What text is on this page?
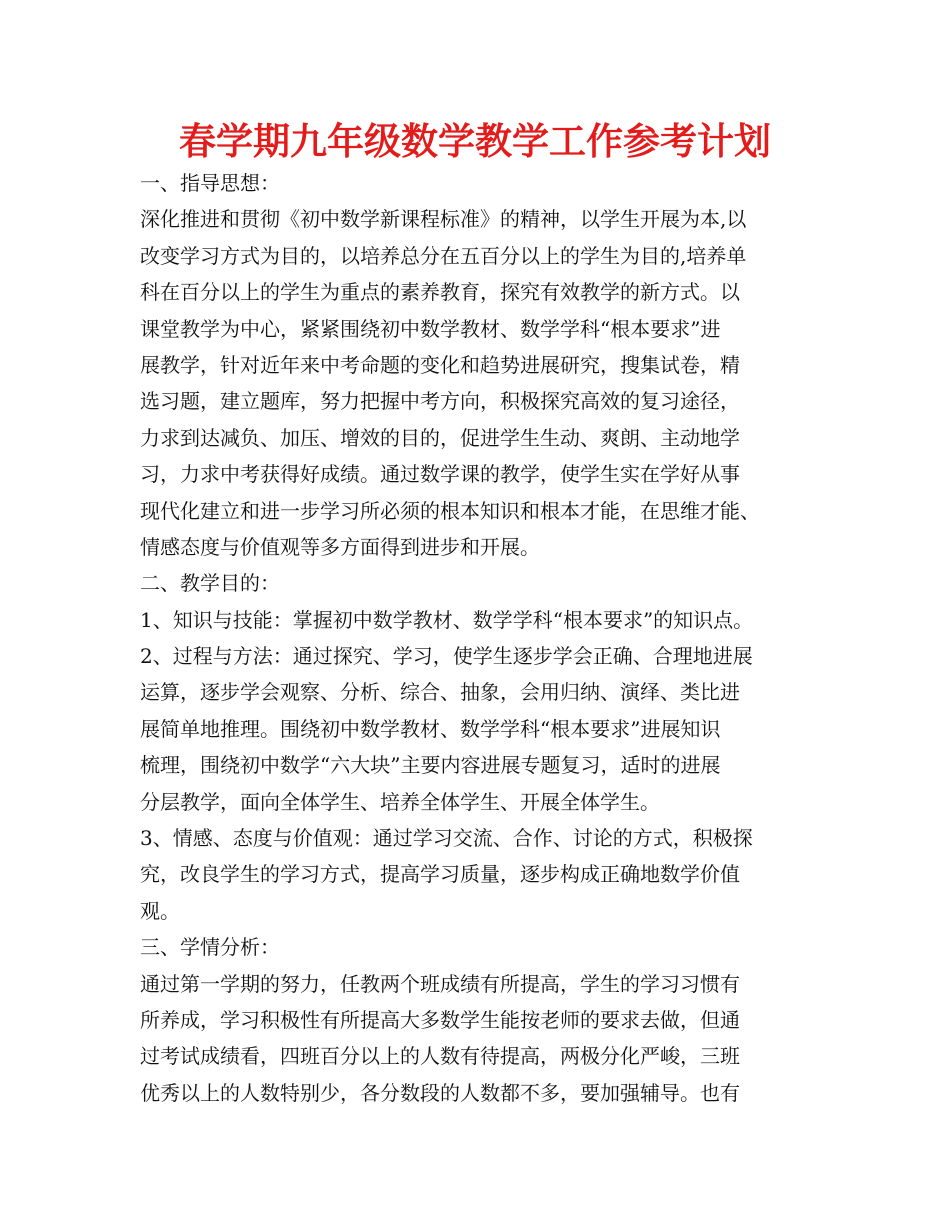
春学期九年级数学教学工作参考计划
一、指导思想：
深化推进和贯彻《初中数学新课程标准》的精神，以学生开展为本,以
改变学习方式为目的，以培养总分在五百分以上的学生为目的,培养单
科在百分以上的学生为重点的素养教育，探究有效教学的新方式。以
课堂教学为中心，紧紧围绕初中数学教材、数学学科“根本要求”进
展教学，针对近年来中考命题的变化和趋势进展研究，搜集试卷，精
选习题，建立题库，努力把握中考方向，积极探究高效的复习途径，
力求到达减负、加压、增效的目的，促进学生生动、爽朗、主动地学
习，力求中考获得好成绩。通过数学课的教学，使学生实在学好从事
现代化建立和进一步学习所必须的根本知识和根本才能，在思维才能、
情感态度与价值观等多方面得到进步和开展。
二、教学目的：
1、知识与技能：掌握初中数学教材、数学学科“根本要求”的知识点。
2、过程与方法：通过探究、学习，使学生逐步学会正确、合理地进展
运算，逐步学会观察、分析、综合、抽象，会用归纳、演绎、类比进
展简单地推理。围绕初中数学教材、数学学科“根本要求”进展知识
梳理，围绕初中数学“六大块”主要内容进展专题复习，适时的进展
分层教学，面向全体学生、培养全体学生、开展全体学生。
3、情感、态度与价值观：通过学习交流、合作、讨论的方式，积极探
究，改良学生的学习方式，提高学习质量，逐步构成正确地数学价值
观。
三、学情分析：
通过第一学期的努力，任教两个班成绩有所提高，学生的学习习惯有
所养成，学习积极性有所提高大多数学生能按老师的要求去做，但通
过考试成绩看，四班百分以上的人数有待提高，两极分化严峻，三班
优秀以上的人数特别少，各分数段的人数都不多，要加强辅导。也有
